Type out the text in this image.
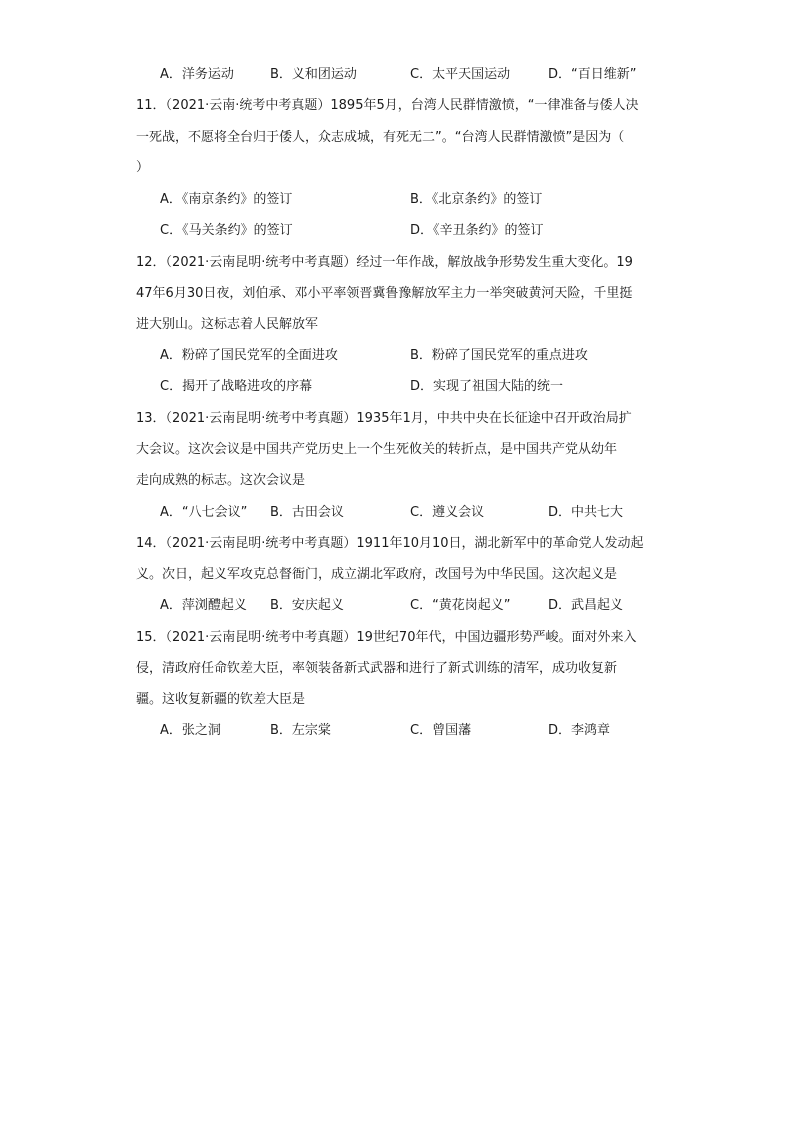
A．洋务运动	B．义和团运动	C．太平天国运动	D．“百日维新”
11．（2021·云南·统考中考真题）1895年5月，台湾人民群情激愤，“一律准备与倭人决
一死战，不愿将全台归于倭人，众志成城，有死无二”。“台湾人民群情激愤”是因为（
）
A．《南京条约》的签订	B．《北京条约》的签订
C．《马关条约》的签订	D．《辛丑条约》的签订
12．（2021·云南昆明·统考中考真题）经过一年作战，解放战争形势发生重大变化。19
47年6月30日夜，刘伯承、邓小平率领晋冀鲁豫解放军主力一举突破黄河天险，千里挺
进大别山。这标志着人民解放军
A．粉碎了国民党军的全面进攻	B．粉碎了国民党军的重点进攻
C．揭开了战略进攻的序幕	D．实现了祖国大陆的统一
13．（2021·云南昆明·统考中考真题）1935年1月，中共中央在长征途中召开政治局扩
大会议。这次会议是中国共产党历史上一个生死攸关的转折点，是中国共产党从幼年
走向成熟的标志。这次会议是
A．“八七会议” B．古田会议	C．遵义会议	D．中共七大
14．（2021·云南昆明·统考中考真题）1911年10月10日，湖北新军中的革命党人发动起
义。次日，起义军攻克总督衙门，成立湖北军政府，改国号为中华民国。这次起义是
A．萍浏醴起义 B．安庆起义	C．“黄花岗起义”	D．武昌起义
15．（2021·云南昆明·统考中考真题）19世纪70年代，中国边疆形势严峻。面对外来入
侵，清政府任命钦差大臣，率领装备新式武器和进行了新式训练的清军，成功收复新
疆。这收复新疆的钦差大臣是
A．张之洞	B．左宗棠	C．曾国藩	D．李鸿章
